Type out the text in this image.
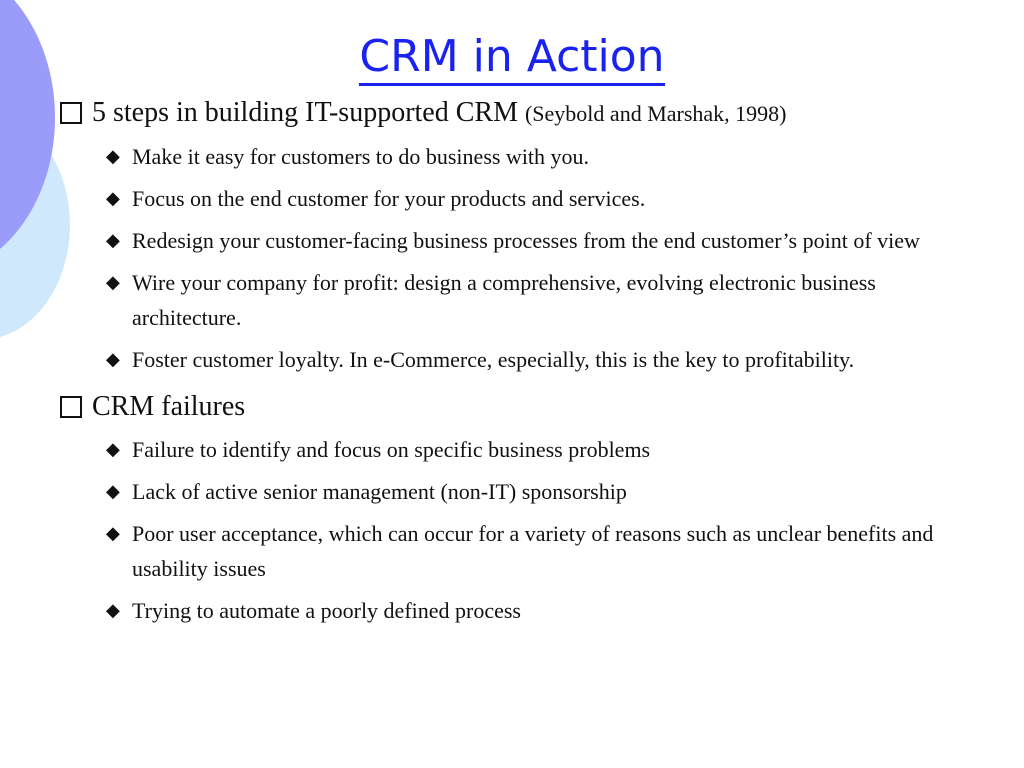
CRM in Action
5 steps in building IT-supported CRM (Seybold and Marshak, 1998)
◆ Make it easy for customers to do business with you.
◆ Focus on the end customer for your products and services.
◆ Redesign your customer-facing business processes from the end customer’s point of view
◆ Wire your company for profit: design a comprehensive, evolving electronic business architecture.
◆ Foster customer loyalty. In e-Commerce, especially, this is the key to profitability.
CRM failures
◆ Failure to identify and focus on specific business problems
◆ Lack of active senior management (non-IT) sponsorship
◆ Poor user acceptance, which can occur for a variety of reasons such as unclear benefits and usability issues
◆ Trying to automate a poorly defined process
